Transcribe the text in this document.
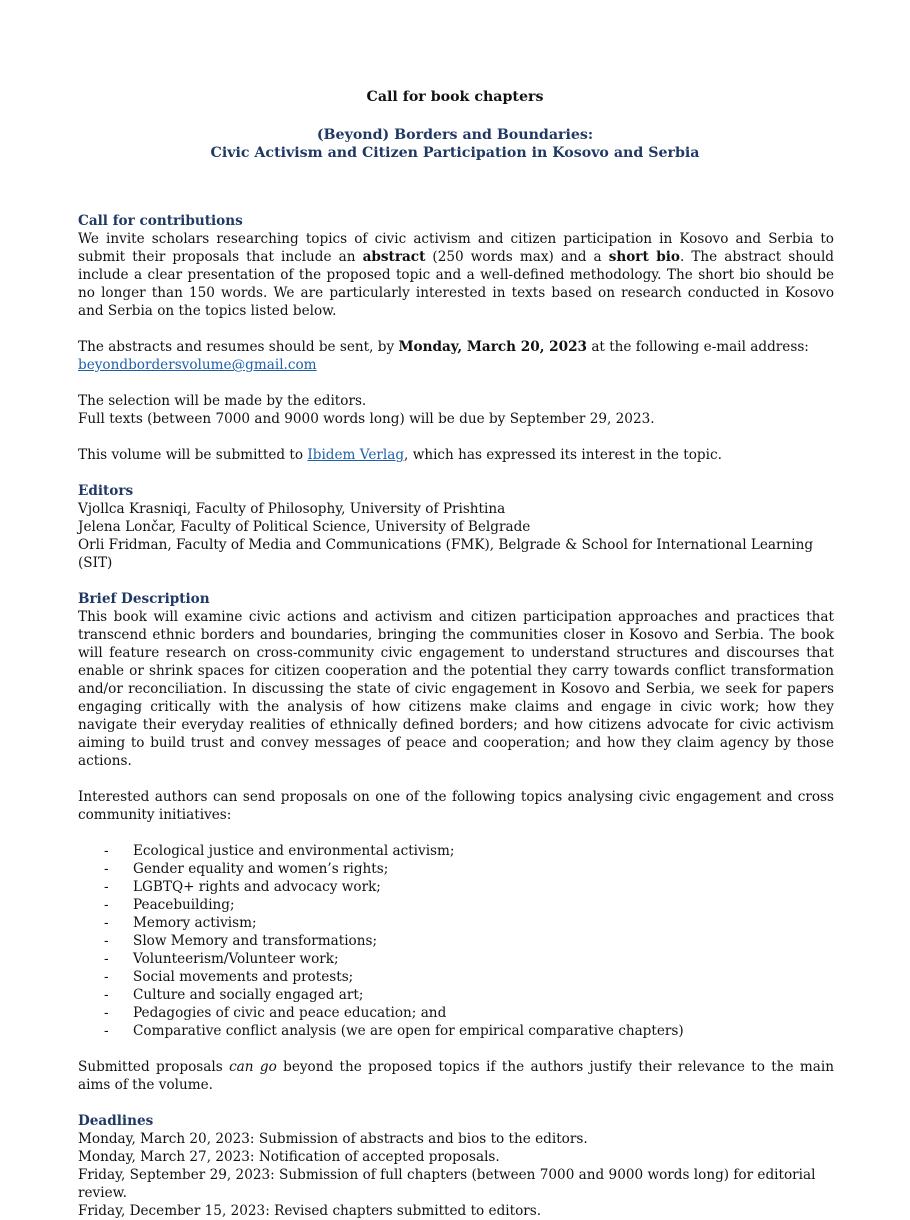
Call for book chapters
(Beyond) Borders and Boundaries:
Civic Activism and Citizen Participation in Kosovo and Serbia
Call for contributions

We invite scholars researching topics of civic activism and citizen participation in Kosovo and Serbia to submit their proposals that include an abstract (250 words max) and a short bio. The abstract should include a clear presentation of the proposed topic and a well-defined methodology. The short bio should be no longer than 150 words. We are particularly interested in texts based on research conducted in Kosovo and Serbia on the topics listed below.

The abstracts and resumes should be sent, by Monday, March 20, 2023 at the following e-mail address:
beyondbordersvolume@gmail.com

The selection will be made by the editors.
Full texts (between 7000 and 9000 words long) will be due by September 29, 2023.

This volume will be submitted to Ibidem Verlag, which has expressed its interest in the topic.

Editors
Vjollca Krasniqi, Faculty of Philosophy, University of Prishtina
Jelena Lončar, Faculty of Political Science, University of Belgrade
Orli Fridman, Faculty of Media and Communications (FMK), Belgrade & School for International Learning (SIT)
Brief Description

This book will examine civic actions and activism and citizen participation approaches and practices that transcend ethnic borders and boundaries, bringing the communities closer in Kosovo and Serbia. The book will feature research on cross-community civic engagement to understand structures and discourses that enable or shrink spaces for citizen cooperation and the potential they carry towards conflict transformation and/or reconciliation. In discussing the state of civic engagement in Kosovo and Serbia, we seek for papers engaging critically with the analysis of how citizens make claims and engage in civic work; how they navigate their everyday realities of ethnically defined borders; and how citizens advocate for civic activism aiming to build trust and convey messages of peace and cooperation; and how they claim agency by those actions.

Interested authors can send proposals on one of the following topics analysing civic engagement and cross community initiatives:

- Ecological justice and environmental activism;
- Gender equality and women’s rights;
- LGBTQ+ rights and advocacy work;
- Peacebuilding;
- Memory activism;
- Slow Memory and transformations;
- Volunteerism/Volunteer work;
- Social movements and protests;
- Culture and socially engaged art;
- Pedagogies of civic and peace education; and
- Comparative conflict analysis (we are open for empirical comparative chapters)

Submitted proposals can go beyond the proposed topics if the authors justify their relevance to the main aims of the volume.

Deadlines
Monday, March 20, 2023: Submission of abstracts and bios to the editors.
Monday, March 27, 2023: Notification of accepted proposals.
Friday, September 29, 2023: Submission of full chapters (between 7000 and 9000 words long) for editorial review.
Friday, December 15, 2023: Revised chapters submitted to editors.
